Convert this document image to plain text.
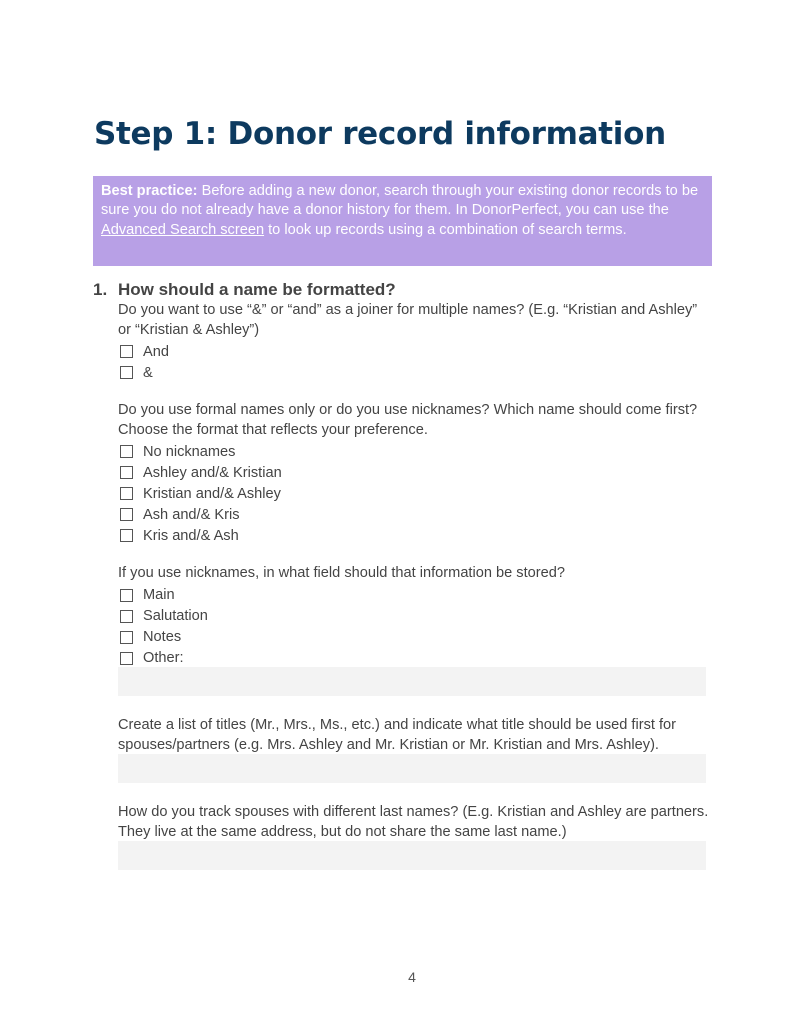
Step 1: Donor record information
Best practice: Before adding a new donor, search through your existing donor records to be sure you do not already have a donor history for them. In DonorPerfect, you can use the Advanced Search screen to look up records using a combination of search terms.
1. How should a name be formatted?

Do you want to use “&” or “and” as a joiner for multiple names? (E.g. “Kristian and Ashley” or “Kristian & Ashley”)

And
&

Do you use formal names only or do you use nicknames? Which name should come first? Choose the format that reflects your preference.

No nicknames
Ashley and/& Kristian
Kristian and/& Ashley
Ash and/& Kris
Kris and/& Ash

If you use nicknames, in what field should that information be stored?

Main
Salutation
Notes
Other:

Create a list of titles (Mr., Mrs., Ms., etc.) and indicate what title should be used first for spouses/partners (e.g. Mrs. Ashley and Mr. Kristian or Mr. Kristian and Mrs. Ashley).

How do you track spouses with different last names? (E.g. Kristian and Ashley are partners. They live at the same address, but do not share the same last name.)

4
